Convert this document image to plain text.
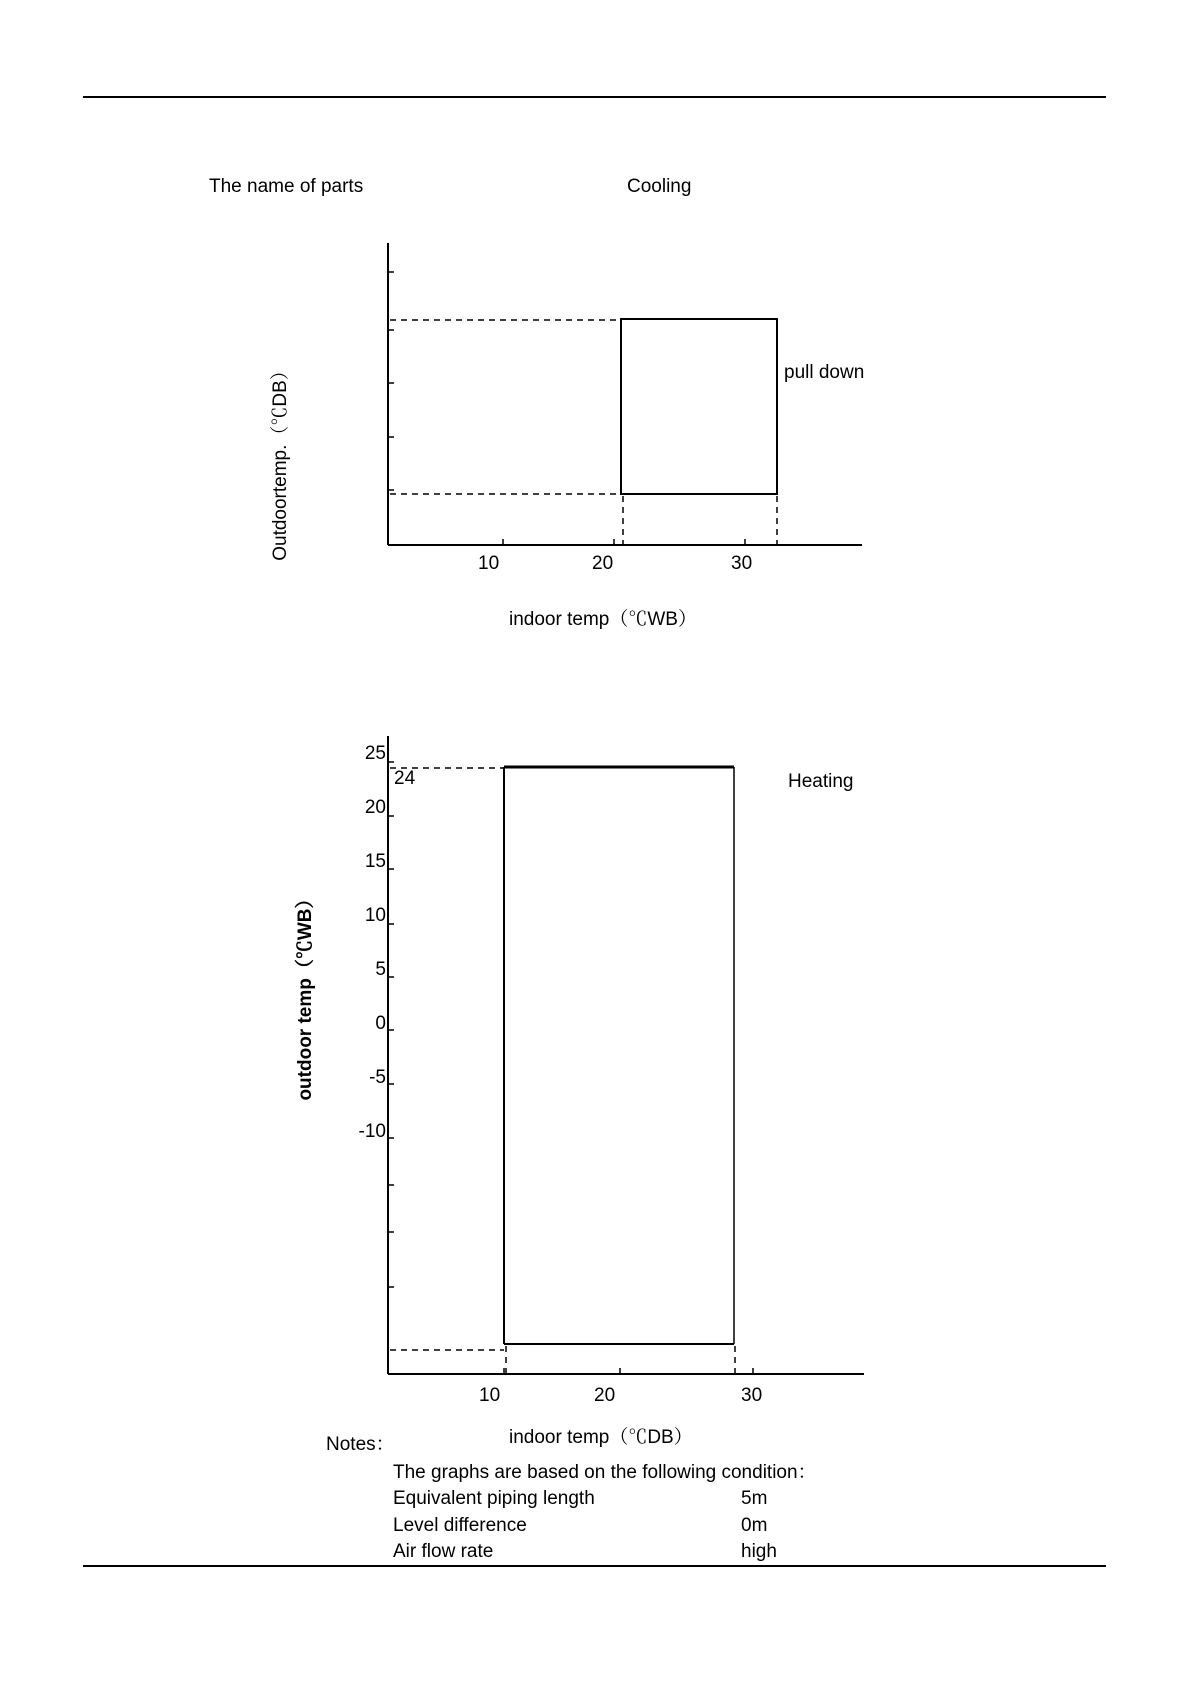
The name of parts	Cooling
10	20	30
pull down
indoor temp（℃WB）
Outdoortemp.（℃DB）
25
20
15
10
5
0
-5
-10
24	Heating
10	20	30
indoor temp（℃DB）
outdoor temp（℃WB）
Notes：
The graphs are based on the following condition：
Equivalent piping length	5m
Level difference	0m
Air flow rate	high
